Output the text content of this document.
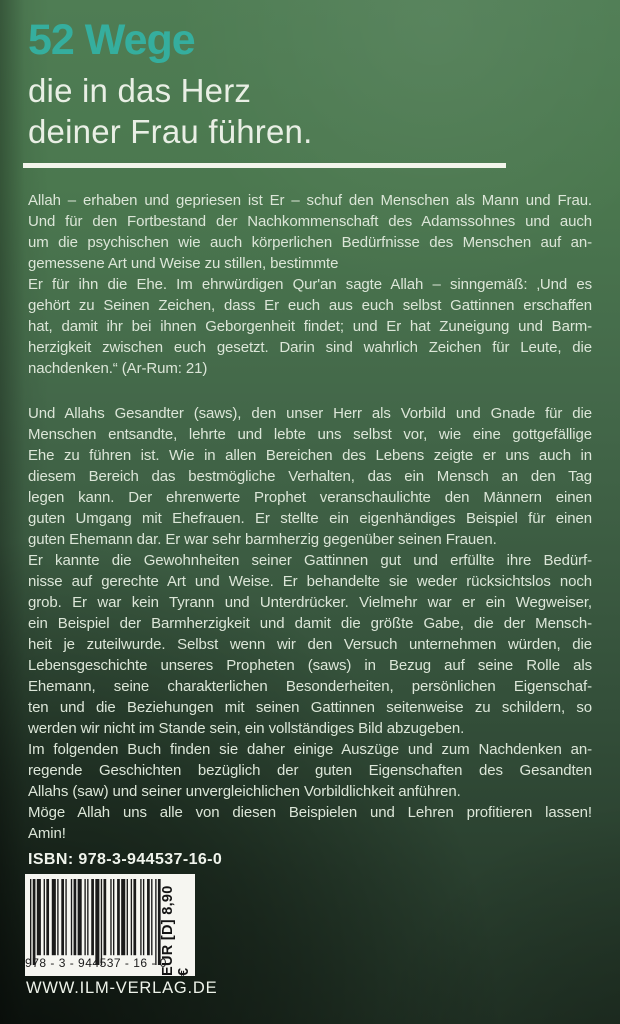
52 Wege
die in das Herz
deiner Frau führen.
Allah – erhaben und gepriesen ist Er – schuf den Menschen als Mann und Frau.
Und für den Fortbestand der Nachkommenschaft des Adamssohnes und auch
um die psychischen wie auch körperlichen Bedürfnisse des Menschen auf an-
gemessene Art und Weise zu stillen, bestimmte
Er für ihn die Ehe. Im ehrwürdigen Qur'an sagte Allah – sinngemäß: ‚Und es
gehört zu Seinen Zeichen, dass Er euch aus euch selbst Gattinnen erschaffen
hat, damit ihr bei ihnen Geborgenheit findet; und Er hat Zuneigung und Barm-
herzigkeit zwischen euch gesetzt. Darin sind wahrlich Zeichen für Leute, die
nachdenken.“ (Ar-Rum: 21)
Und Allahs Gesandter (saws), den unser Herr als Vorbild und Gnade für die
Menschen entsandte, lehrte und lebte uns selbst vor, wie eine gottgefällige
Ehe zu führen ist. Wie in allen Bereichen des Lebens zeigte er uns auch in
diesem Bereich das bestmögliche Verhalten, das ein Mensch an den Tag
legen kann. Der ehrenwerte Prophet veranschaulichte den Männern einen
guten Umgang mit Ehefrauen. Er stellte ein eigenhändiges Beispiel für einen
guten Ehemann dar. Er war sehr barmherzig gegenüber seinen Frauen.
Er kannte die Gewohnheiten seiner Gattinnen gut und erfüllte ihre Bedürf-
nisse auf gerechte Art und Weise. Er behandelte sie weder rücksichtslos noch
grob. Er war kein Tyrann und Unterdrücker. Vielmehr war er ein Wegweiser,
ein Beispiel der Barmherzigkeit und damit die größte Gabe, die der Mensch-
heit je zuteilwurde. Selbst wenn wir den Versuch unternehmen würden, die
Lebensgeschichte unseres Propheten (saws) in Bezug auf seine Rolle als
Ehemann, seine charakterlichen Besonderheiten, persönlichen Eigenschaf-
ten und die Beziehungen mit seinen Gattinnen seitenweise zu schildern, so
werden wir nicht im Stande sein, ein vollständiges Bild abzugeben.
Im folgenden Buch finden sie daher einige Auszüge und zum Nachdenken an-
regende Geschichten bezüglich der guten Eigenschaften des Gesandten
Allahs (saw) und seiner unvergleichlichen Vorbildlichkeit anführen.
Möge Allah uns alle von diesen Beispielen und Lehren profitieren lassen!
Amin!
ISBN: 978-3-944537-16-0
978 - 3 - 944537 - 16 - 0
EUR [D] 8,90 €
WWW.ILM-VERLAG.DE
